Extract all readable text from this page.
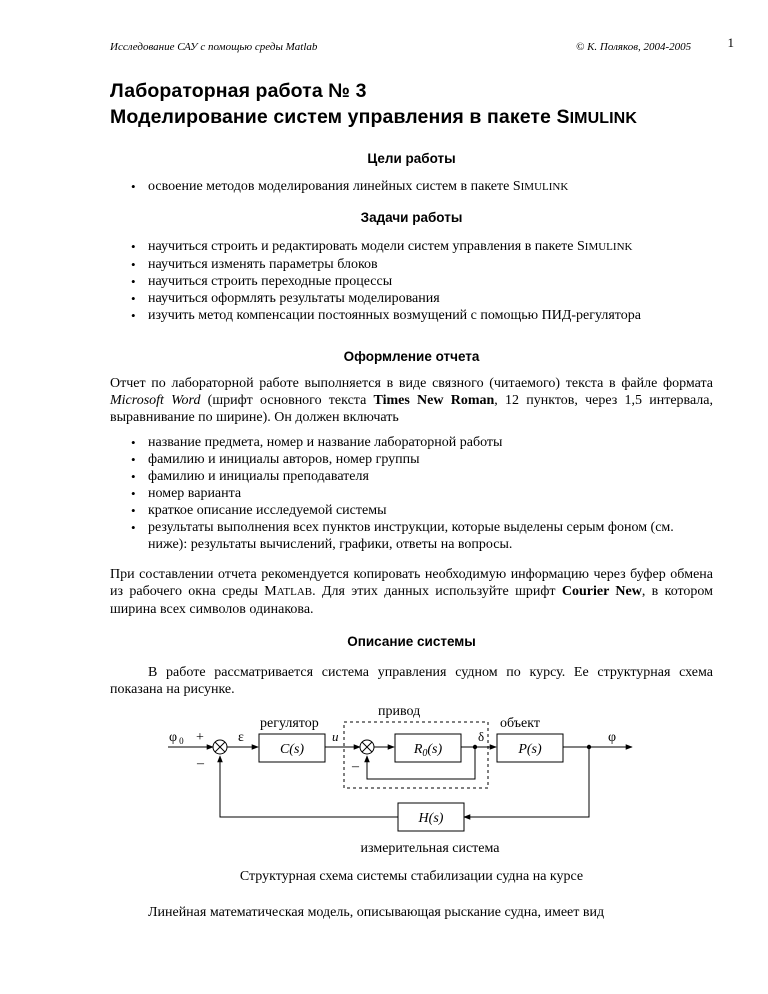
Исследование САУ с помощью среды Matlab	© К. Поляков, 2004-2005	1
Лабораторная работа № 3
Моделирование систем управления в пакете SIMULINK
Цели работы
• освоение методов моделирования линейных систем в пакете SIMULINK
Задачи работы
• научиться строить и редактировать модели систем управления в пакете SIMULINK
• научиться изменять параметры блоков
• научиться строить переходные процессы
• научиться оформлять результаты моделирования
• изучить метод компенсации постоянных возмущений с помощью ПИД-регулятора
Оформление отчета

Отчет по лабораторной работе выполняется в виде связного (читаемого) текста в файле формата Microsoft Word (шрифт основного текста Times New Roman, 12 пунктов, через 1,5 интервала, выравнивание по ширине). Он должен включать

• название предмета, номер и название лабораторной работы
• фамилию и инициалы авторов, номер группы
• фамилию и инициалы преподавателя
• номер варианта
• краткое описание исследуемой системы
• результаты выполнения всех пунктов инструкции, которые выделены серым фоном (см. ниже): результаты вычислений, графики, ответы на вопросы.

При составлении отчета рекомендуется копировать необходимую информацию через буфер обмена из рабочего окна среды MATLAB. Для этих данных используйте шрифт Courier New, в котором ширина всех символов одинакова.

Описание системы

В работе рассматривается система управления судном по курсу. Ее структурная схема показана на рисунке.

регулятор
привод
объект
φ $_0$ +
–
ε
C(s)
u
–
$R_0(s)$
δ
P(s)
φ
H(s)
измерительная система
Структурная схема системы стабилизации судна на курсе

Линейная математическая модель, описывающая рыскание судна, имеет вид
